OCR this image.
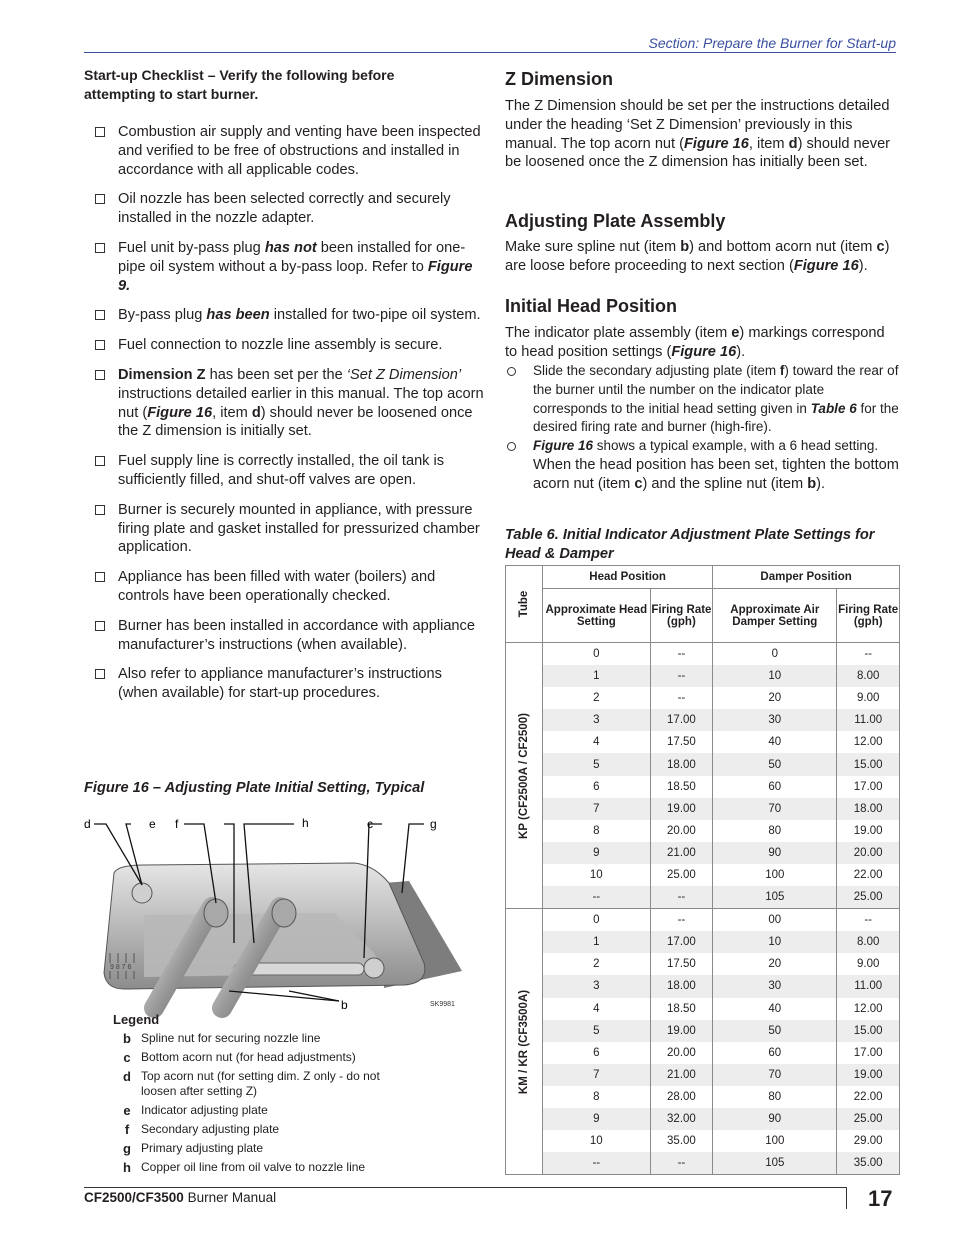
Section: Prepare the Burner for Start-up
Start-up Checklist – Verify the following before attempting to start burner.
Combustion air supply and venting have been inspected and verified to be free of obstructions and installed in accordance with all applicable codes.
Oil nozzle has been selected correctly and securely installed in the nozzle adapter.
Fuel unit by-pass plug has not been installed for one-pipe oil system without a by-pass loop. Refer to Figure 9.
By-pass plug has been installed for two-pipe oil system.
Fuel connection to nozzle line assembly is secure.
Dimension Z has been set per the ‘Set Z Dimension’ instructions detailed earlier in this manual. The top acorn nut (Figure 16, item d) should never be loosened once the Z dimension is initially set.
Fuel supply line is correctly installed, the oil tank is sufficiently filled, and shut-off valves are open.
Burner is securely mounted in appliance, with pressure firing plate and gasket installed for pressurized chamber application.
Appliance has been filled with water (boilers) and controls have been operationally checked.
Burner has been installed in accordance with appliance manufacturer’s instructions (when available).
Also refer to appliance manufacturer’s instructions (when available) for start-up procedures.
Figure 16 – Adjusting Plate Initial Setting, Typical
9 8 7 6
d	e f	h	c	g
b	SK9981
Legend
b Spline nut for securing nozzle line
c Bottom acorn nut (for head adjustments)
d Top acorn nut (for setting dim. Z only - do not loosen after setting Z)
e Indicator adjusting plate
f Secondary adjusting plate
g Primary adjusting plate
h Copper oil line from oil valve to nozzle line
Z Dimension
The Z Dimension should be set per the instructions detailed under the heading ‘Set Z Dimension’ previously in this manual. The top acorn nut (Figure 16, item d) should never be loosened once the Z dimension has initially been set.
Adjusting Plate Assembly
Make sure spline nut (item b) and bottom acorn nut (item c) are loose before proceeding to next section (Figure 16).
Initial Head Position
The indicator plate assembly (item e) markings correspond to head position settings (Figure 16).
Slide the secondary adjusting plate (item f) toward the rear of the burner until the number on the indicator plate corresponds to the initial head setting given in Table 6 for the desired firing rate and burner (high-fire).
Figure 16 shows a typical example, with a 6 head setting.
When the head position has been set, tighten the bottom acorn nut (item c) and the spline nut (item b).
Table 6. Initial Indicator Adjustment Plate Settings for Head & Damper
Tube	Head Position		Damper Position	
	Approximate Head Setting	Firing Rate (gph)	Approximate Air Damper Setting	Firing Rate (gph)

KP (CF2500A / CF2500)	0	--	0	--
	1	--	10	8.00
	2	--	20	9.00
	3	17.00	30	11.00
	4	17.50	40	12.00
	5	18.00	50	15.00
	6	18.50	60	17.00
	7	19.00	70	18.00
	8	20.00	80	19.00
	9	21.00	90	20.00
	10	25.00	100	22.00
	--	--	105	25.00

KM / KR (CF3500A)	0	--	00	--
	1	17.00	10	8.00
	2	17.50	20	9.00
	3	18.00	30	11.00
	4	18.50	40	12.00
	5	19.00	50	15.00
	6	20.00	60	17.00
	7	21.00	70	19.00
	8	28.00	80	22.00
	9	32.00	90	25.00
	10	35.00	100	29.00
	--	--	105	35.00
CF2500/CF3500 Burner Manual	17
